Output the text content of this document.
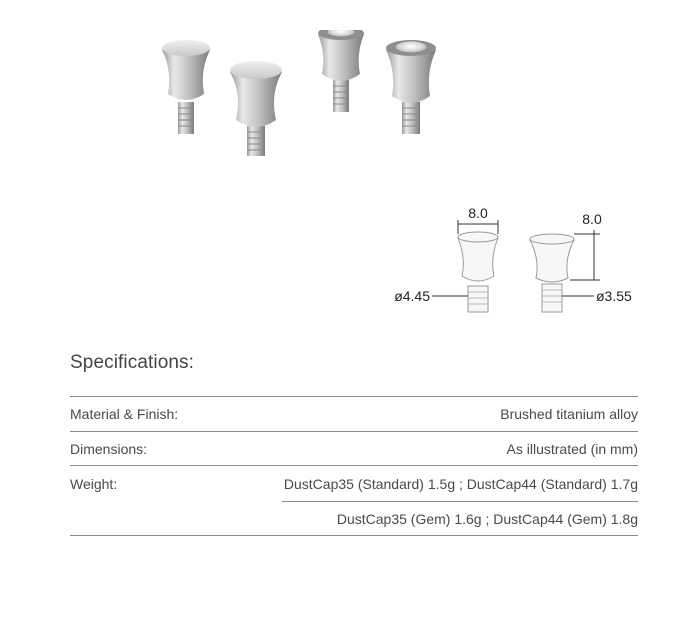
8.0
ø4.45
8.0
ø3.55
Specifications:
Material & Finish:	Brushed titanium alloy
Dimensions:	As illustrated (in mm)
Weight:	DustCap35 (Standard) 1.5g ; DustCap44 (Standard) 1.7g
DustCap35 (Gem) 1.6g ; DustCap44 (Gem) 1.8g
